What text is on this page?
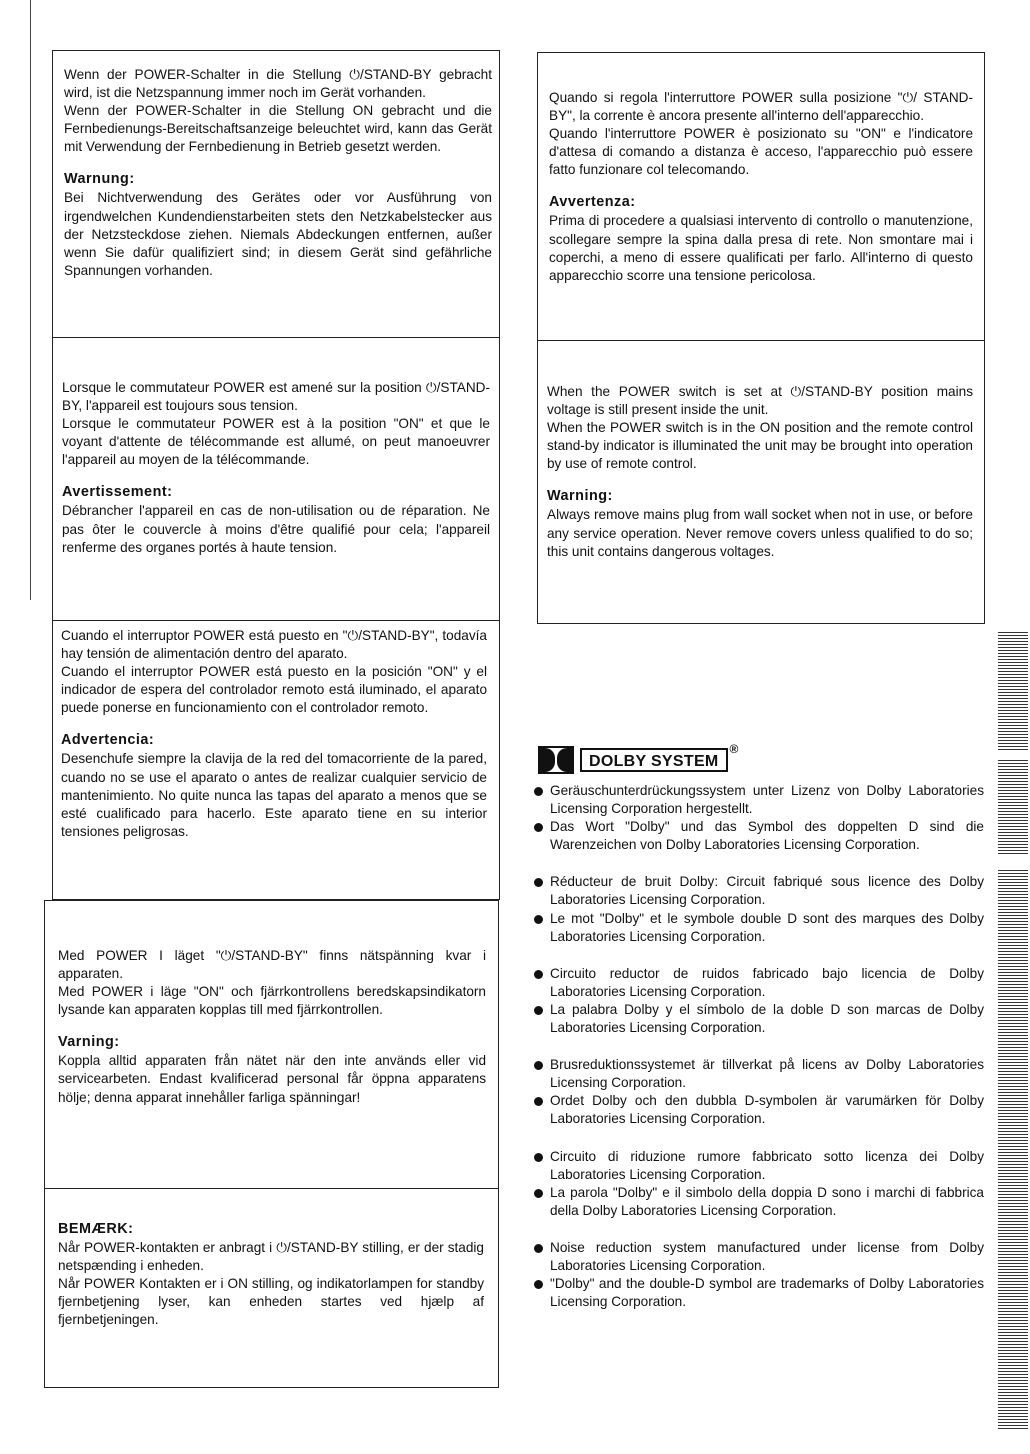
Wenn der POWER-Schalter in die Stellung ⏻/STAND-BY gebracht wird, ist die Netzspannung immer noch im Gerät vorhanden.

Wenn der POWER-Schalter in die Stellung ON gebracht und die Fernbedienungs-Bereitschaftsanzeige beleuchtet wird, kann das Gerät mit Verwendung der Fernbedienung in Betrieb gesetzt werden.

Warnung:

Bei Nichtverwendung des Gerätes oder vor Ausführung von irgendwelchen Kundendienstarbeiten stets den Netzkabelstecker aus der Netzsteckdose ziehen. Niemals Abdeckungen entfernen, außer wenn Sie dafür qualifiziert sind; in diesem Gerät sind gefährliche Spannungen vorhanden.

Lorsque le commutateur POWER est amené sur la position ⏻/STAND-BY, l'appareil est toujours sous tension.

Lorsque le commutateur POWER est à la position "ON" et que le voyant d'attente de télécommande est allumé, on peut manoeuvrer l'appareil au moyen de la télécommande.

Avertissement:

Débrancher l'appareil en cas de non-utilisation ou de réparation. Ne pas ôter le couvercle à moins d'être qualifié pour cela; l'appareil renferme des organes portés à haute tension.

Cuando el interruptor POWER está puesto en "⏻/STAND-BY", todavía hay tensión de alimentación dentro del aparato.

Cuando el interruptor POWER está puesto en la posición "ON" y el indicador de espera del controlador remoto está iluminado, el aparato puede ponerse en funcionamiento con el controlador remoto.

Advertencia:

Desenchufe siempre la clavija de la red del tomacorriente de la pared, cuando no se use el aparato o antes de realizar cualquier servicio de mantenimiento. No quite nunca las tapas del aparato a menos que se esté cualificado para hacerlo. Este aparato tiene en su interior tensiones peligrosas.

Med POWER I läget "⏻/STAND-BY" finns nätspänning kvar i apparaten.

Med POWER i läge "ON" och fjärrkontrollens beredskapsindikatorn lysande kan apparaten kopplas till med fjärrkontrollen.

Varning:

Koppla alltid apparaten från nätet när den inte används eller vid servicearbeten. Endast kvalificerad personal får öppna apparatens hölje; denna apparat innehåller farliga spänningar!

BEMÆRK:

Når POWER-kontakten er anbragt i ⏻/STAND-BY stilling, er der stadig netspænding i enheden.

Når POWER Kontakten er i ON stilling, og indikatorlampen for standby fjernbetjening lyser, kan enheden startes ved hjælp af fjernbetjeningen.

Quando si regola l'interruttore POWER sulla posizione "⏻/ STAND-BY", la corrente è ancora presente all'interno dell'apparecchio.

Quando l'interruttore POWER è posizionato su "ON" e l'indicatore d'attesa di comando a distanza è acceso, l'apparecchio può essere fatto funzionare col telecomando.

Avvertenza:

Prima di procedere a qualsiasi intervento di controllo o manutenzione, scollegare sempre la spina dalla presa di rete. Non smontare mai i coperchi, a meno di essere qualificati per farlo. All'interno di questo apparecchio scorre una tensione pericolosa.

When the POWER switch is set at ⏻/STAND-BY position mains voltage is still present inside the unit.

When the POWER switch is in the ON position and the remote control stand-by indicator is illuminated the unit may be brought into operation by use of remote control.

Warning:

Always remove mains plug from wall socket when not in use, or before any service operation. Never remove covers unless qualified to do so; this unit contains dangerous voltages.

DOLBY SYSTEM
®
Geräuschunterdrückungssystem unter Lizenz von Dolby Laboratories Licensing Corporation hergestellt.
Das Wort "Dolby" und das Symbol des doppelten D sind die Warenzeichen von Dolby Laboratories Licensing Corporation.
Réducteur de bruit Dolby: Circuit fabriqué sous licence des Dolby Laboratories Licensing Corporation.
Le mot "Dolby" et le symbole double D sont des marques des Dolby Laboratories Licensing Corporation.
Circuito reductor de ruidos fabricado bajo licencia de Dolby Laboratories Licensing Corporation.
La palabra Dolby y el símbolo de la doble D son marcas de Dolby Laboratories Licensing Corporation.
Brusreduktionssystemet är tillverkat på licens av Dolby Laboratories Licensing Corporation.
Ordet Dolby och den dubbla D-symbolen är varumärken för Dolby Laboratories Licensing Corporation.
Circuito di riduzione rumore fabbricato sotto licenza dei Dolby Laboratories Licensing Corporation.
La parola "Dolby" e il simbolo della doppia D sono i marchi di fabbrica della Dolby Laboratories Licensing Corporation.
Noise reduction system manufactured under license from Dolby Laboratories Licensing Corporation.
"Dolby" and the double-D symbol are trademarks of Dolby Laboratories Licensing Corporation.
